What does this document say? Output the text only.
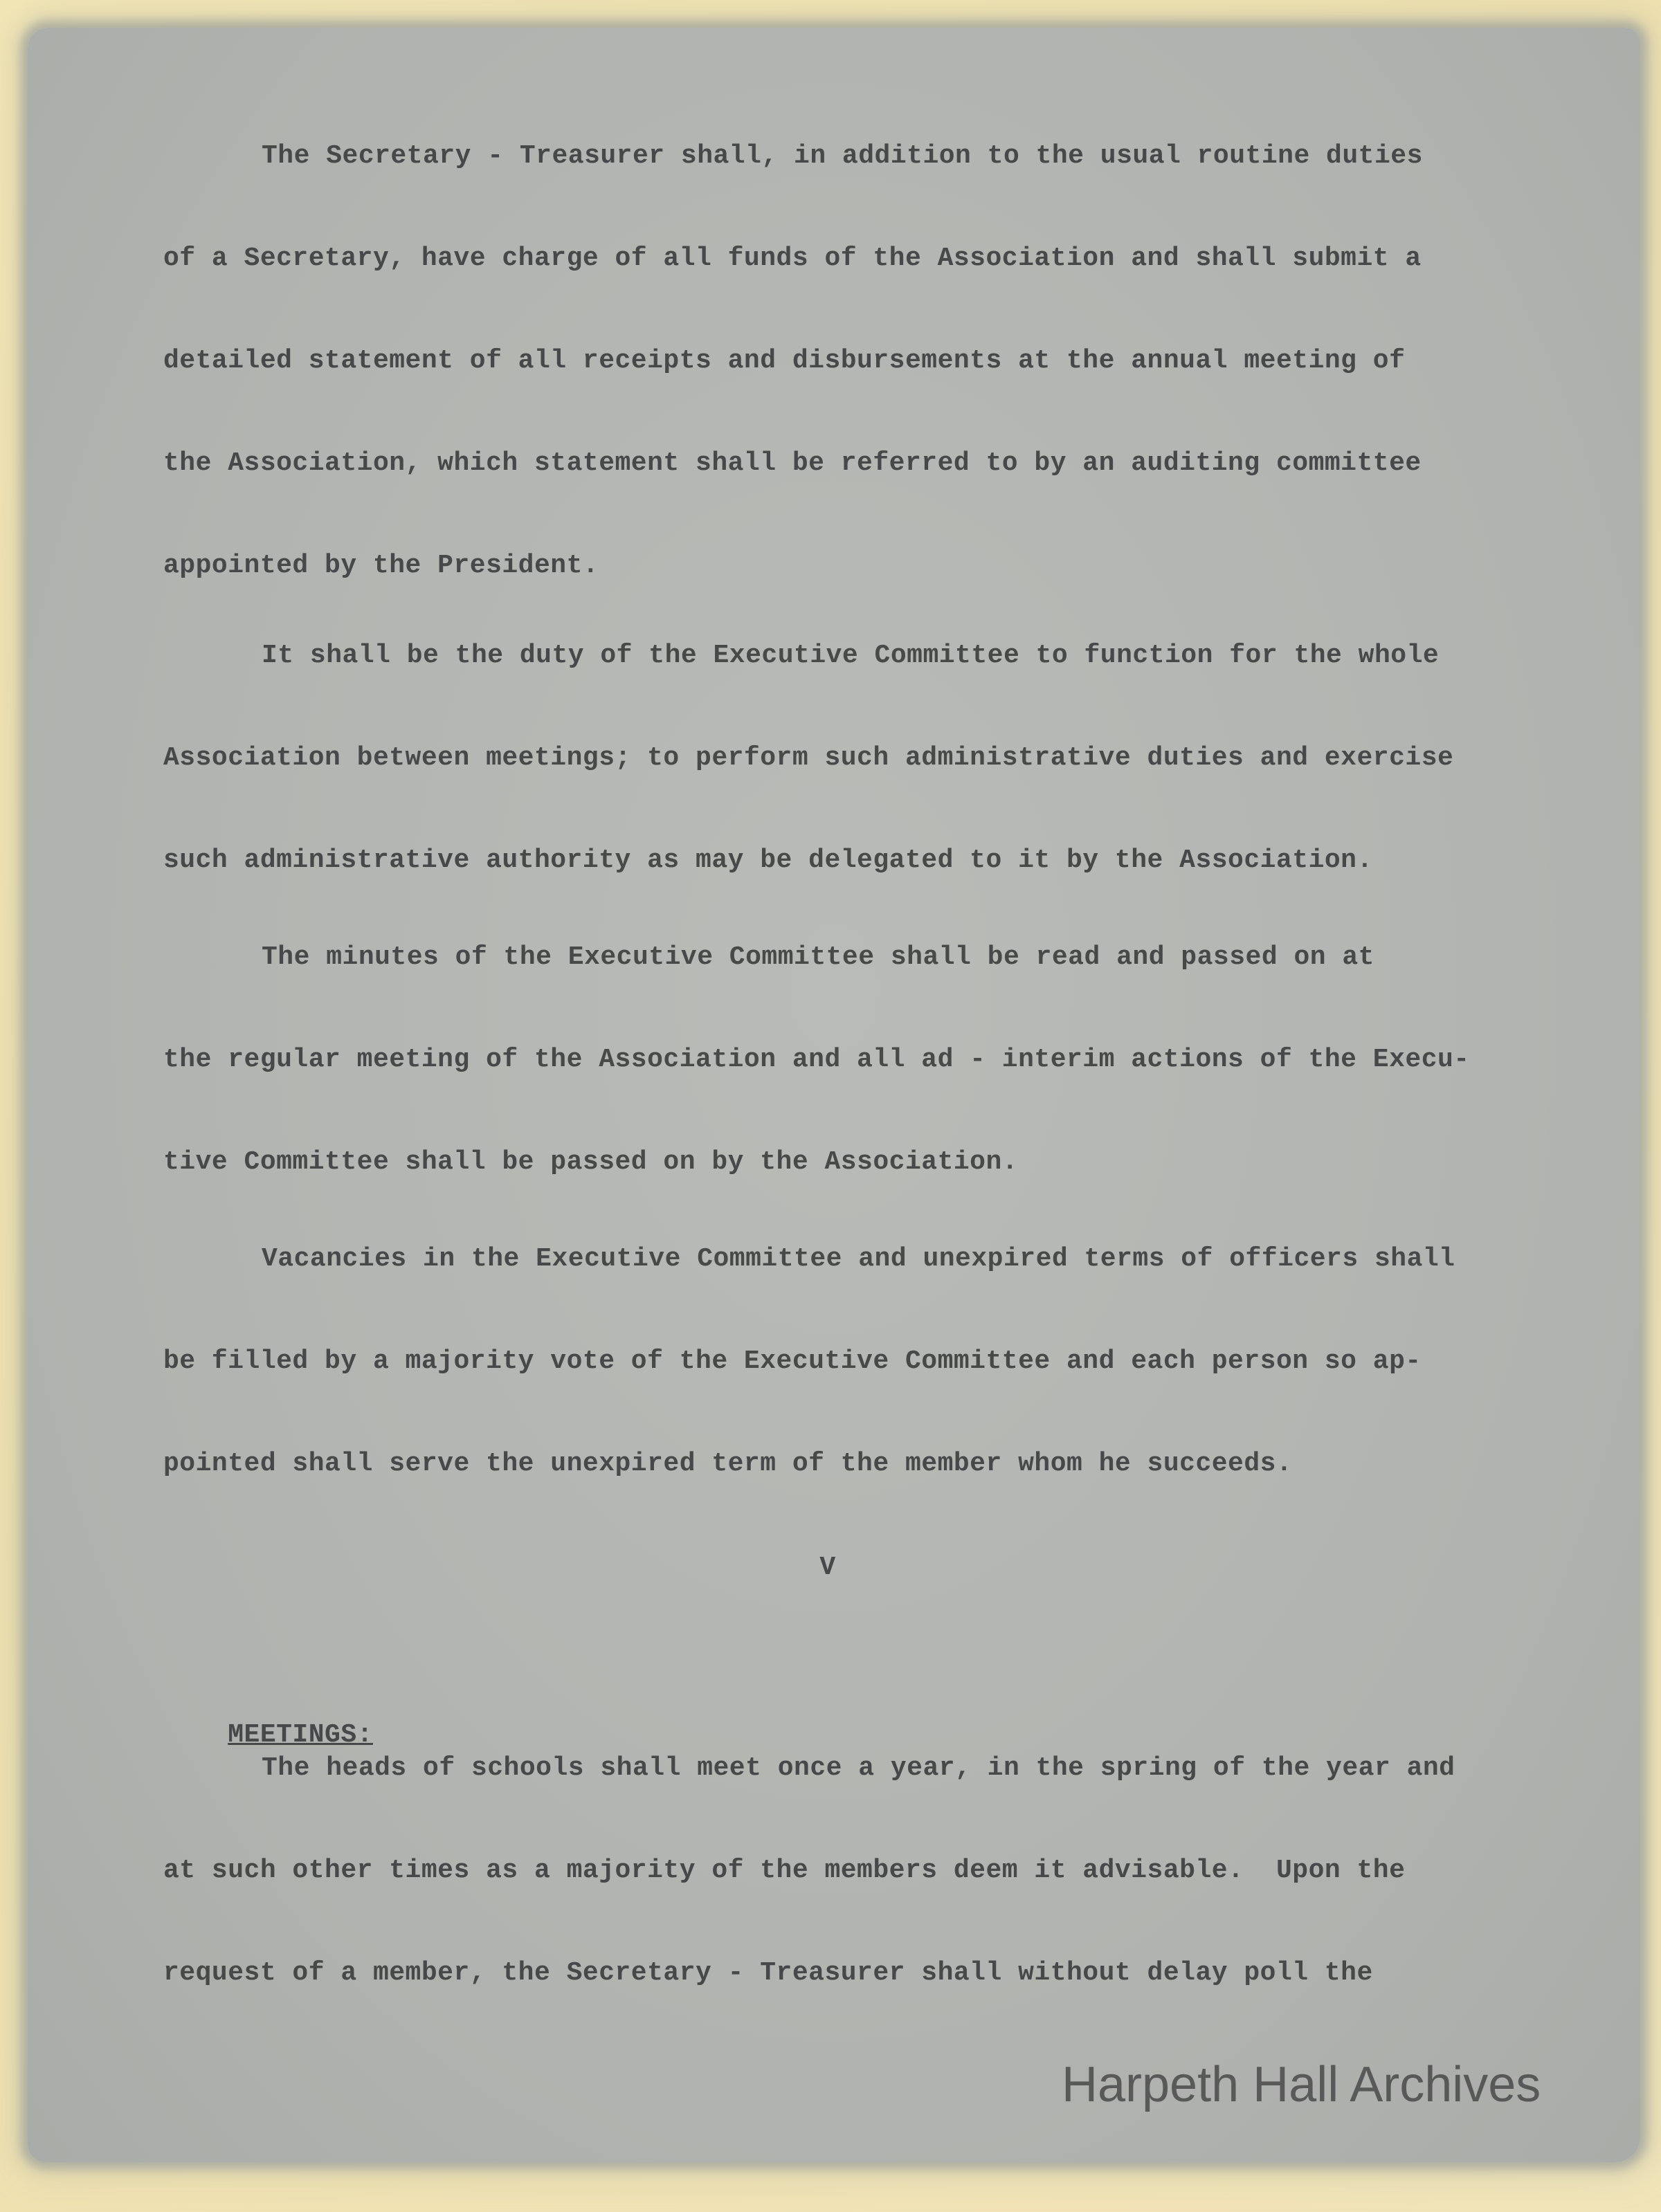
The Secretary - Treasurer shall, in addition to the usual routine duties
of a Secretary, have charge of all funds of the Association and shall submit a
detailed statement of all receipts and disbursements at the annual meeting of
the Association, which statement shall be referred to by an auditing committee
appointed by the President.
It shall be the duty of the Executive Committee to function for the whole
Association between meetings; to perform such administrative duties and exercise
such administrative authority as may be delegated to it by the Association.
The minutes of the Executive Committee shall be read and passed on at
the regular meeting of the Association and all ad - interim actions of the Execu-
tive Committee shall be passed on by the Association.
Vacancies in the Executive Committee and unexpired terms of officers shall
be filled by a majority vote of the Executive Committee and each person so ap-
pointed shall serve the unexpired term of the member whom he succeeds.
V

MEETINGS:

The heads of schools shall meet once a year, in the spring of the year and
at such other times as a majority of the members deem it advisable.  Upon the
request of a member, the Secretary - Treasurer shall without delay poll the
Harpeth Hall Archives
